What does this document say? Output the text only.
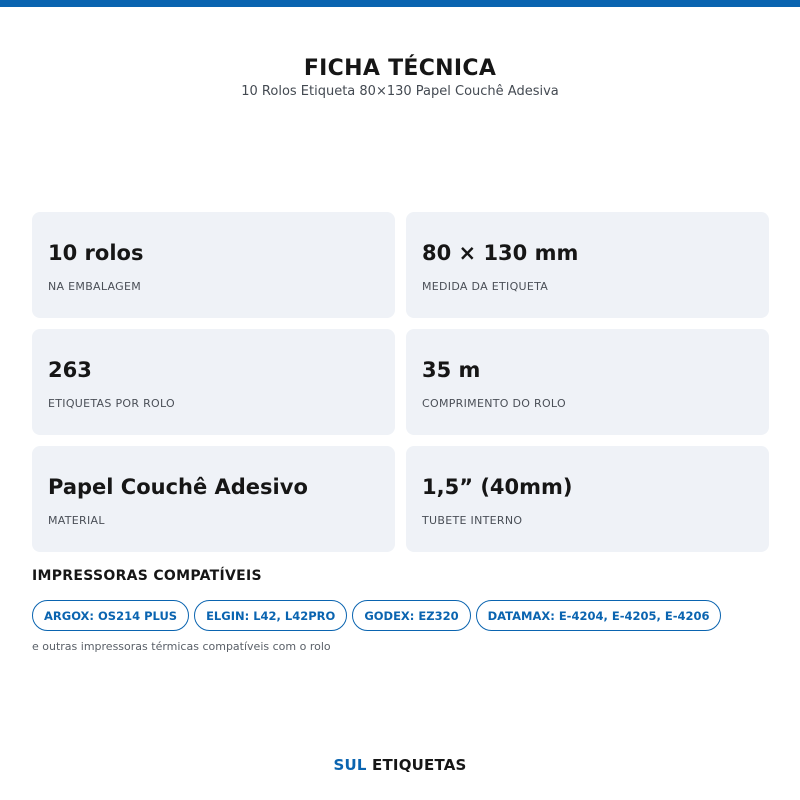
FICHA TÉCNICA
10 Rolos Etiqueta 80×130 Papel Couchê Adesiva
10 rolos
NA EMBALAGEM
80 × 130 mm
MEDIDA DA ETIQUETA
263
ETIQUETAS POR ROLO
35 m
COMPRIMENTO DO ROLO
Papel Couchê Adesivo
MATERIAL
1,5” (40mm)
TUBETE INTERNO
IMPRESSORAS COMPATÍVEIS
ARGOX: OS214 PLUS	ELGIN: L42, L42PRO	GODEX: EZ320	DATAMAX: E-4204, E-4205, E-4206
e outras impressoras térmicas compatíveis com o rolo
SUL ETIQUETAS
